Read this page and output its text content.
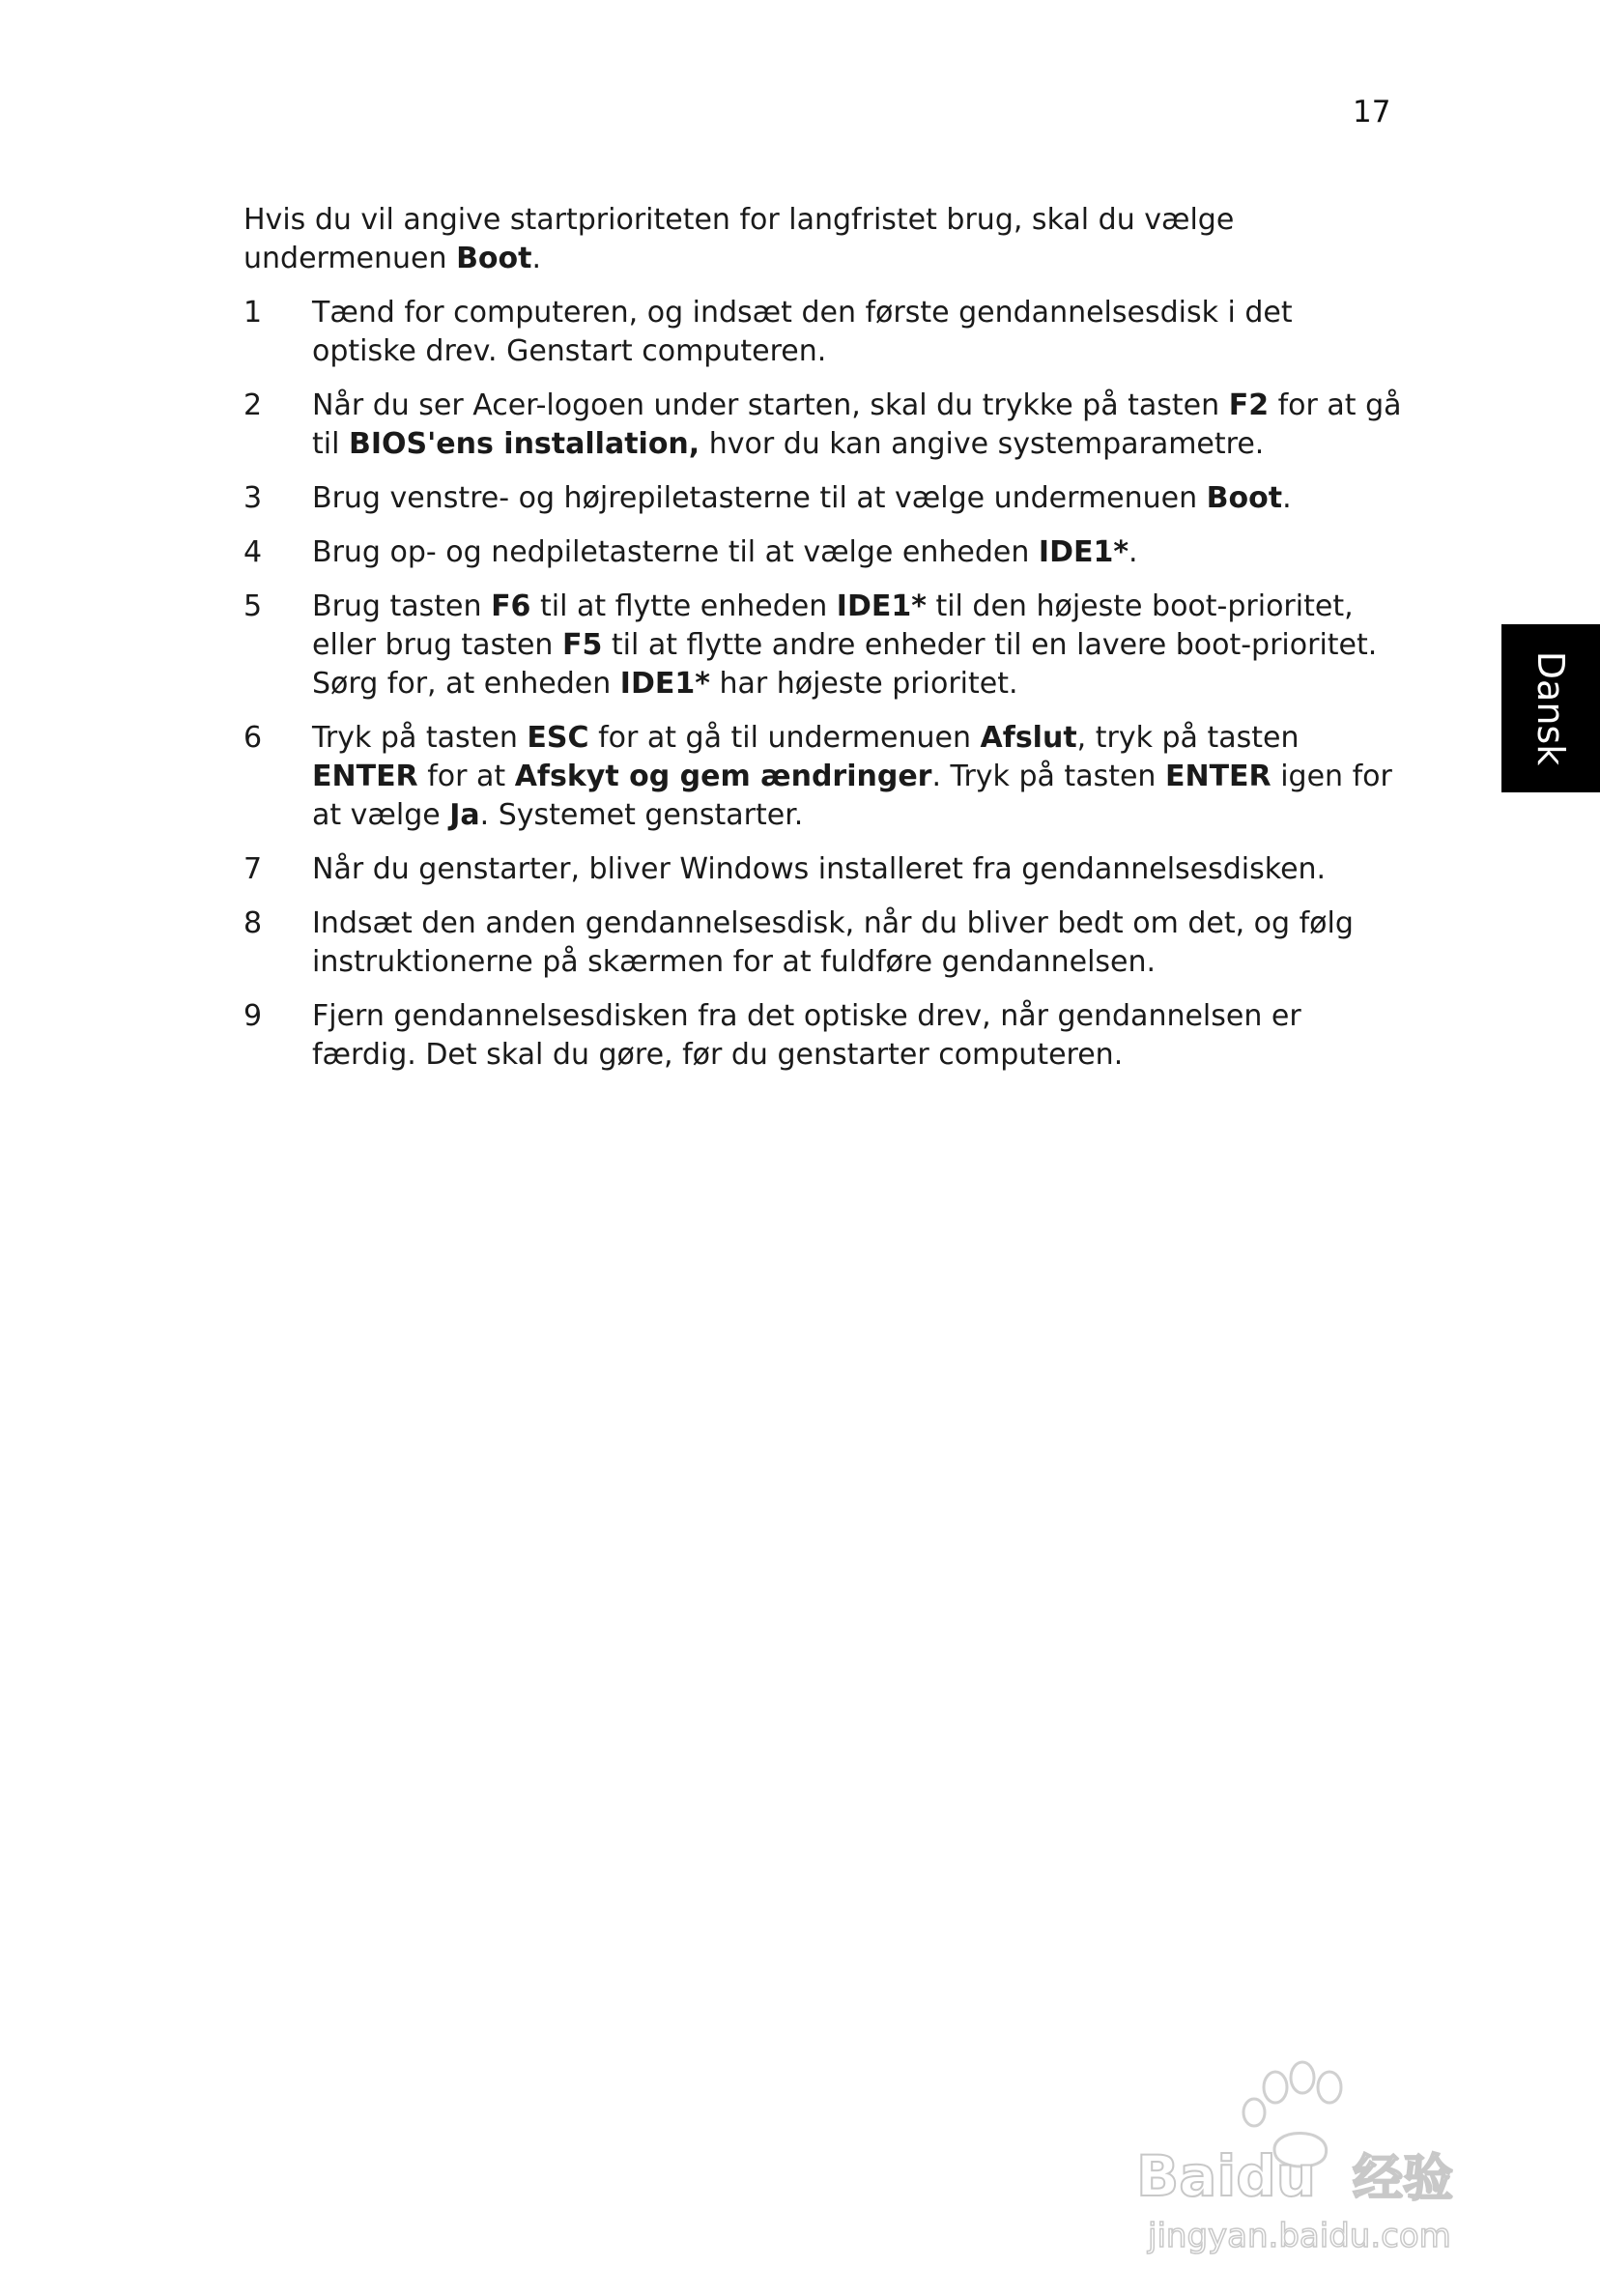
17

Hvis du vil angive startprioriteten for langfristet brug, skal du vælge undermenuen Boot.

1	Tænd for computeren, og indsæt den første gendannelsesdisk i det optiske drev. Genstart computeren.
2	Når du ser Acer-logoen under starten, skal du trykke på tasten F2 for at gå til BIOS'ens installation, hvor du kan angive systemparametre.
3	Brug venstre- og højrepiletasterne til at vælge undermenuen Boot.
4	Brug op- og nedpiletasterne til at vælge enheden IDE1*.
5	Brug tasten F6 til at flytte enheden IDE1* til den højeste boot-prioritet, eller brug tasten F5 til at flytte andre enheder til en lavere boot-prioritet. Sørg for, at enheden IDE1* har højeste prioritet.
6	Tryk på tasten ESC for at gå til undermenuen Afslut, tryk på tasten ENTER for at Afskyt og gem ændringer. Tryk på tasten ENTER igen for at vælge Ja. Systemet genstarter.
7	Når du genstarter, bliver Windows installeret fra gendannelsesdisken.
8	Indsæt den anden gendannelsesdisk, når du bliver bedt om det, og følg instruktionerne på skærmen for at fuldføre gendannelsen.
9	Fjern gendannelsesdisken fra det optiske drev, når gendannelsen er færdig. Det skal du gøre, før du genstarter computeren.
Dansk
Baidu 经验
jingyan.baidu.com
